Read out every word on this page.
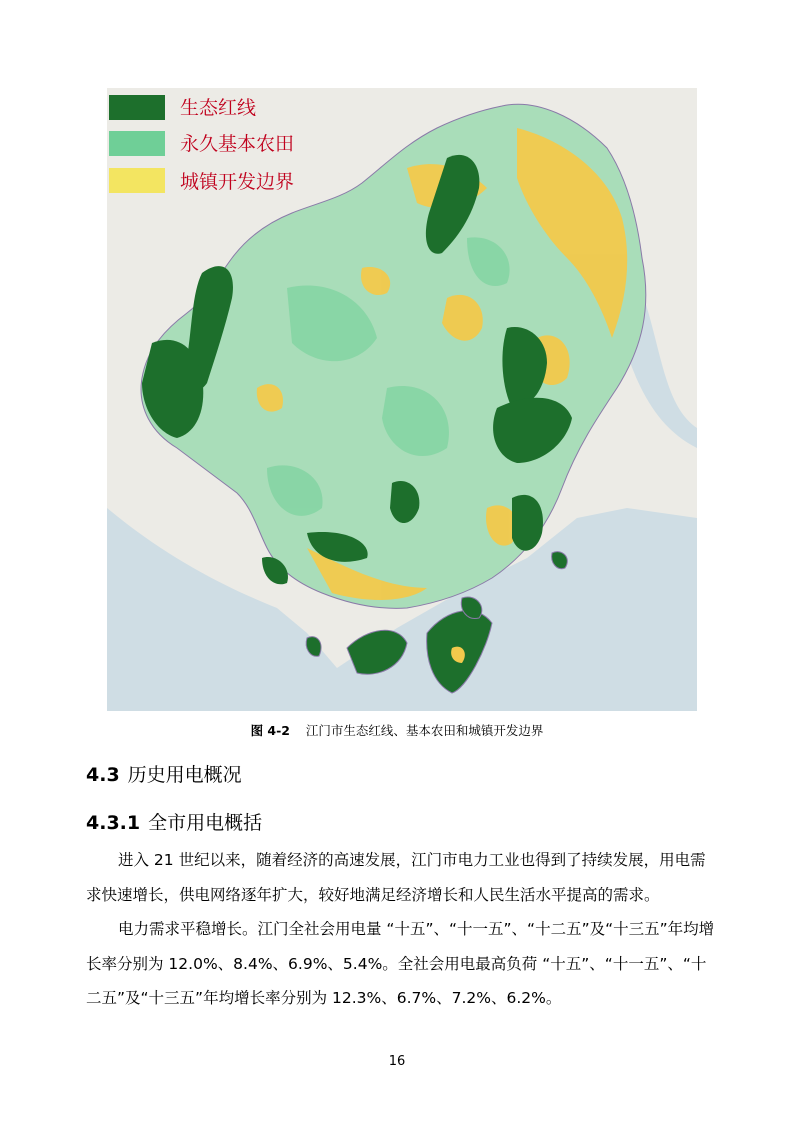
生态红线
永久基本农田
城镇开发边界
图 4-2 江门市生态红线、基本农田和城镇开发边界
4.3 历史用电概况
4.3.1 全市用电概括
进入 21 世纪以来，随着经济的高速发展，江门市电力工业也得到了持续发展，用电需求快速增长，供电网络逐年扩大，较好地满足经济增长和人民生活水平提高的需求。
电力需求平稳增长。江门全社会用电量 “十五”、“十一五”、“十二五”及“十三五”年均增长率分别为 12.0%、8.4%、6.9%、5.4%。全社会用电最高负荷 “十五”、“十一五”、“十二五”及“十三五”年均增长率分别为 12.3%、6.7%、7.2%、6.2%。
16
